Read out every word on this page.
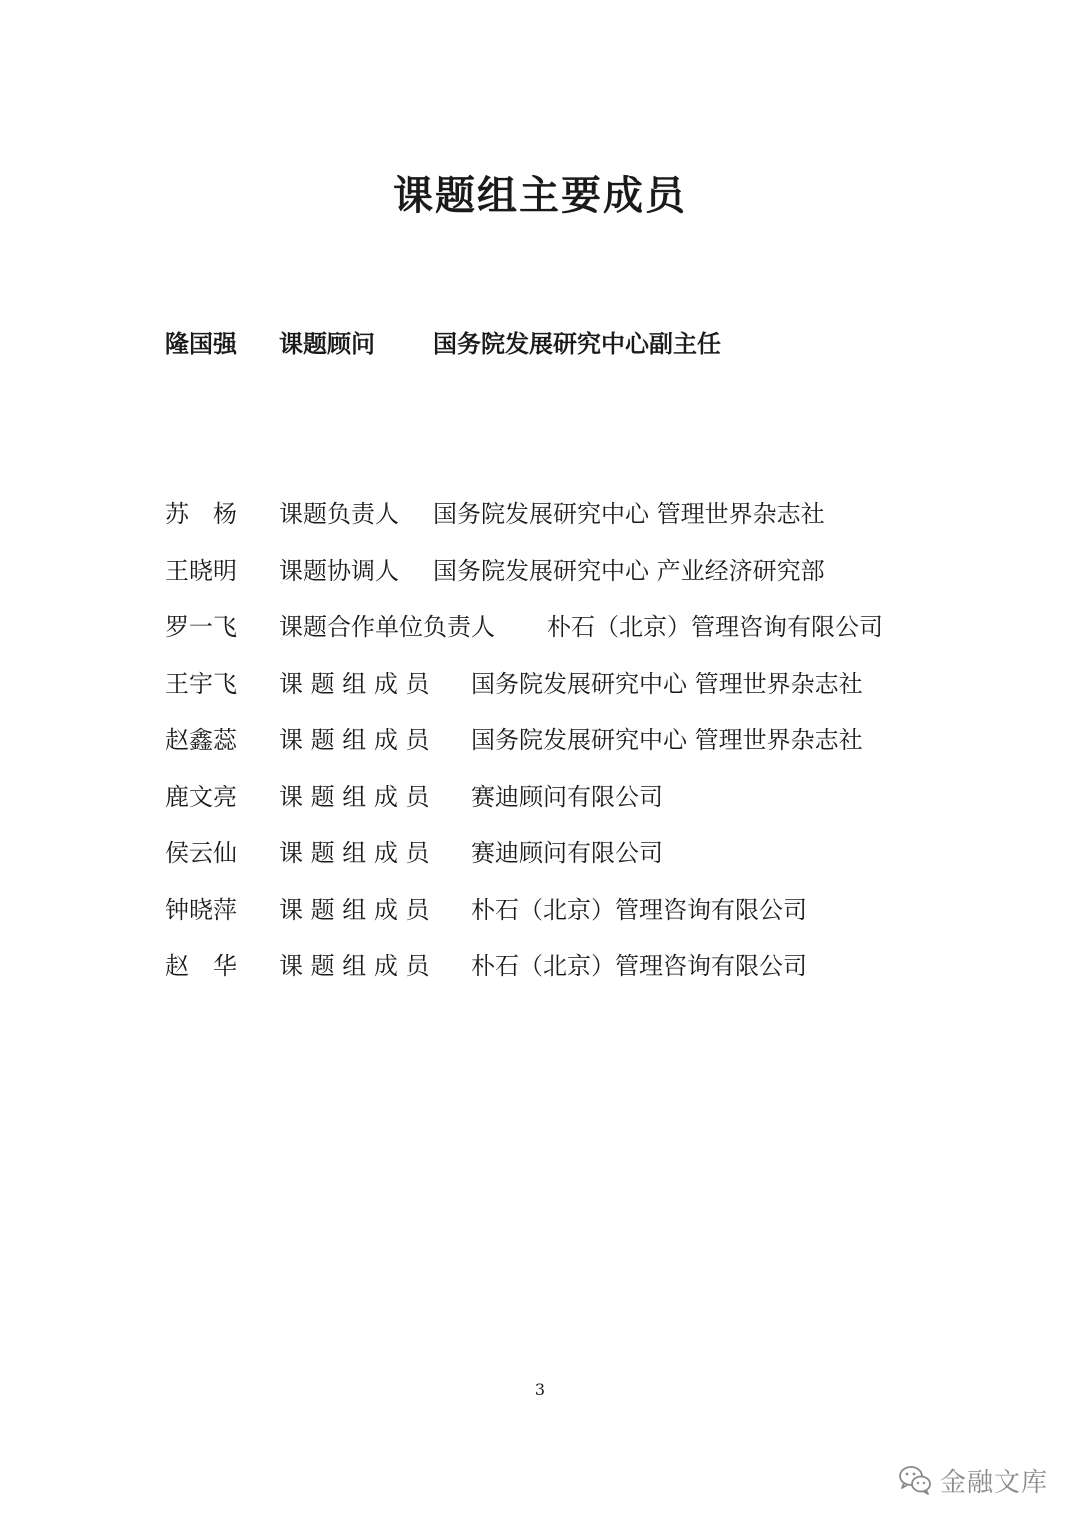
课题组主要成员
隆国强 课题顾问 国务院发展研究中心副主任
苏　杨 课题负责人 国务院发展研究中心 管理世界杂志社
王晓明 课题协调人 国务院发展研究中心 产业经济研究部
罗一飞 课题合作单位负责人 朴石（北京）管理咨询有限公司
王宇飞 课 题 组 成 员 国务院发展研究中心 管理世界杂志社
赵鑫蕊 课 题 组 成 员 国务院发展研究中心 管理世界杂志社
鹿文亮 课 题 组 成 员 赛迪顾问有限公司
侯云仙 课 题 组 成 员 赛迪顾问有限公司
钟晓萍 课 题 组 成 员 朴石（北京）管理咨询有限公司
赵　华 课 题 组 成 员 朴石（北京）管理咨询有限公司
3
金融文库
